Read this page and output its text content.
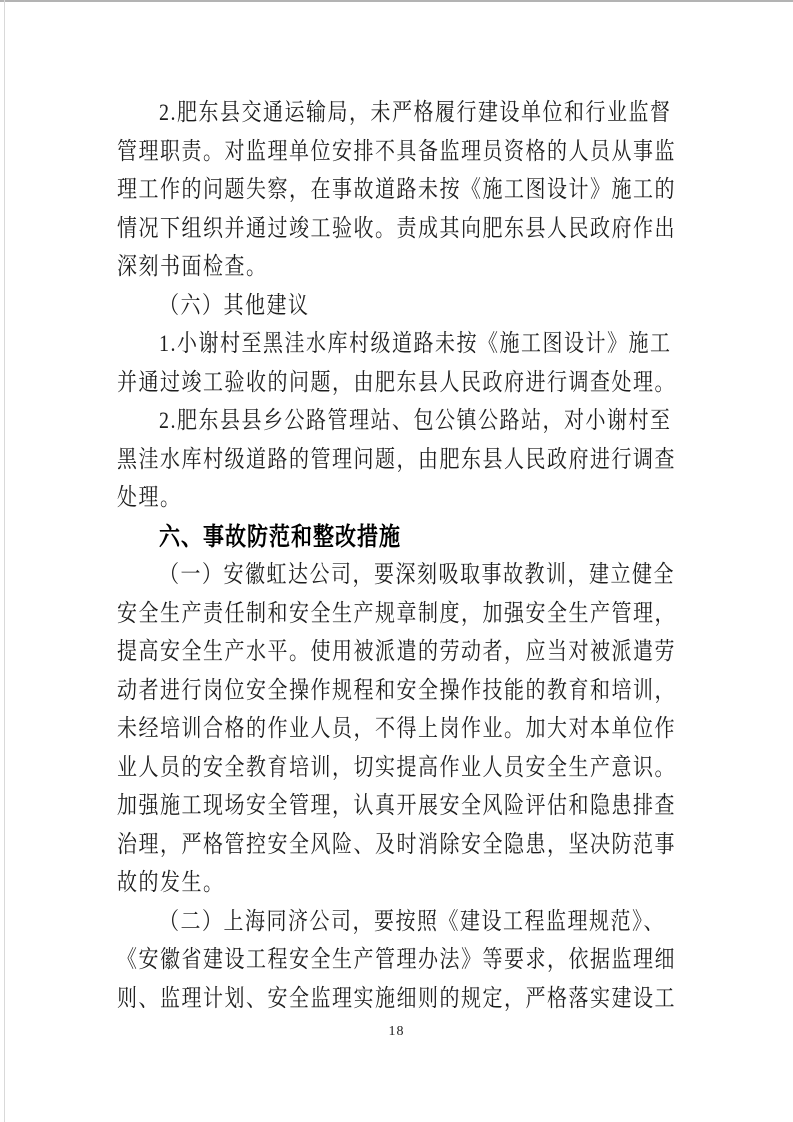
2.肥东县交通运输局，未严格履行建设单位和行业监督
管理职责。对监理单位安排不具备监理员资格的人员从事监
理工作的问题失察，在事故道路未按《施工图设计》施工的
情况下组织并通过竣工验收。责成其向肥东县人民政府作出
深刻书面检查。
（六）其他建议
1.小谢村至黑洼水库村级道路未按《施工图设计》施工
并通过竣工验收的问题，由肥东县人民政府进行调查处理。
2.肥东县县乡公路管理站、包公镇公路站，对小谢村至
黑洼水库村级道路的管理问题，由肥东县人民政府进行调查
处理。
六、事故防范和整改措施
（一）安徽虹达公司，要深刻吸取事故教训，建立健全
安全生产责任制和安全生产规章制度，加强安全生产管理，
提高安全生产水平。使用被派遣的劳动者，应当对被派遣劳
动者进行岗位安全操作规程和安全操作技能的教育和培训，
未经培训合格的作业人员，不得上岗作业。加大对本单位作
业人员的安全教育培训，切实提高作业人员安全生产意识。
加强施工现场安全管理，认真开展安全风险评估和隐患排查
治理，严格管控安全风险、及时消除安全隐患，坚决防范事
故的发生。
（二）上海同济公司，要按照《建设工程监理规范》、
《安徽省建设工程安全生产管理办法》等要求，依据监理细
则、监理计划、安全监理实施细则的规定，严格落实建设工
18
